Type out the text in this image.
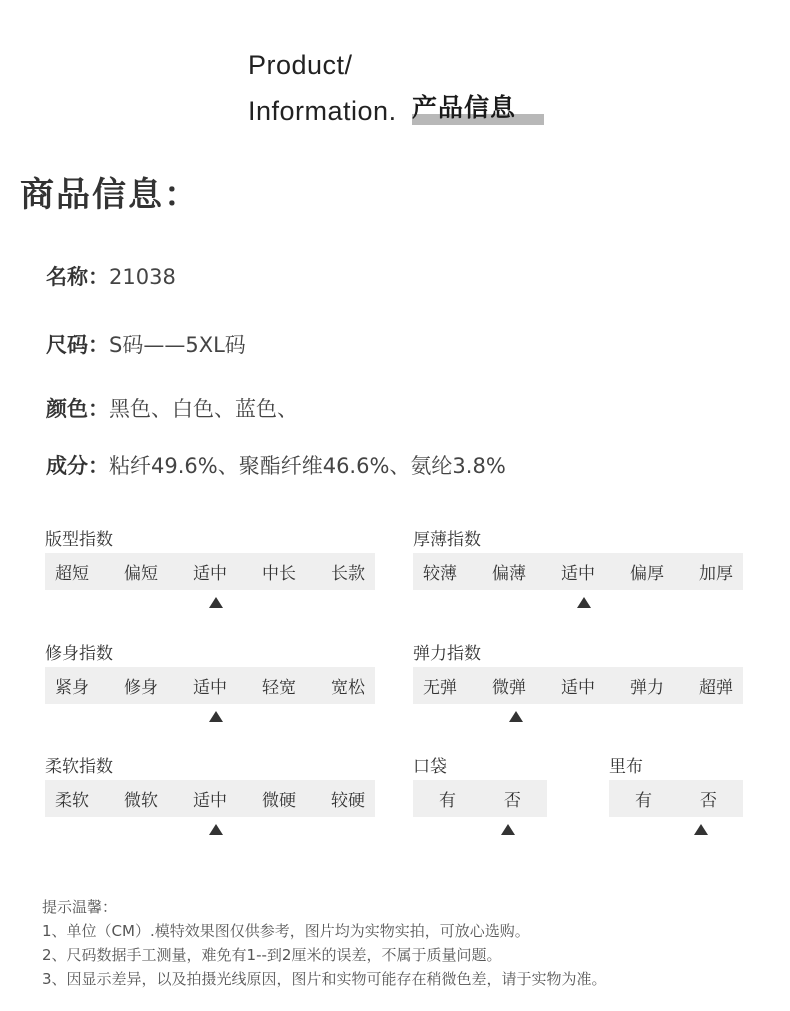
Product/
Information. 产品信息
商品信息：
名称：21038
尺码：S码——5XL码
颜色：黑色、白色、蓝色、
成分：粘纤49.6%、聚酯纤维46.6%、氨纶3.8%
版型指数
超短 偏短 适中 中长 长款
厚薄指数
较薄 偏薄 适中 偏厚 加厚
修身指数
紧身 修身 适中 轻宽 宽松
弹力指数
无弹 微弹 适中 弹力 超弹
柔软指数
柔软 微软 适中 微硬 较硬
口袋
有	否
里布
有	否
提示温馨：
1、单位（CM）.模特效果图仅供参考，图片均为实物实拍，可放心选购。
2、尺码数据手工测量，难免有1--到2厘米的误差，不属于质量问题。
3、因显示差异，以及拍摄光线原因，图片和实物可能存在稍微色差，请于实物为准。
